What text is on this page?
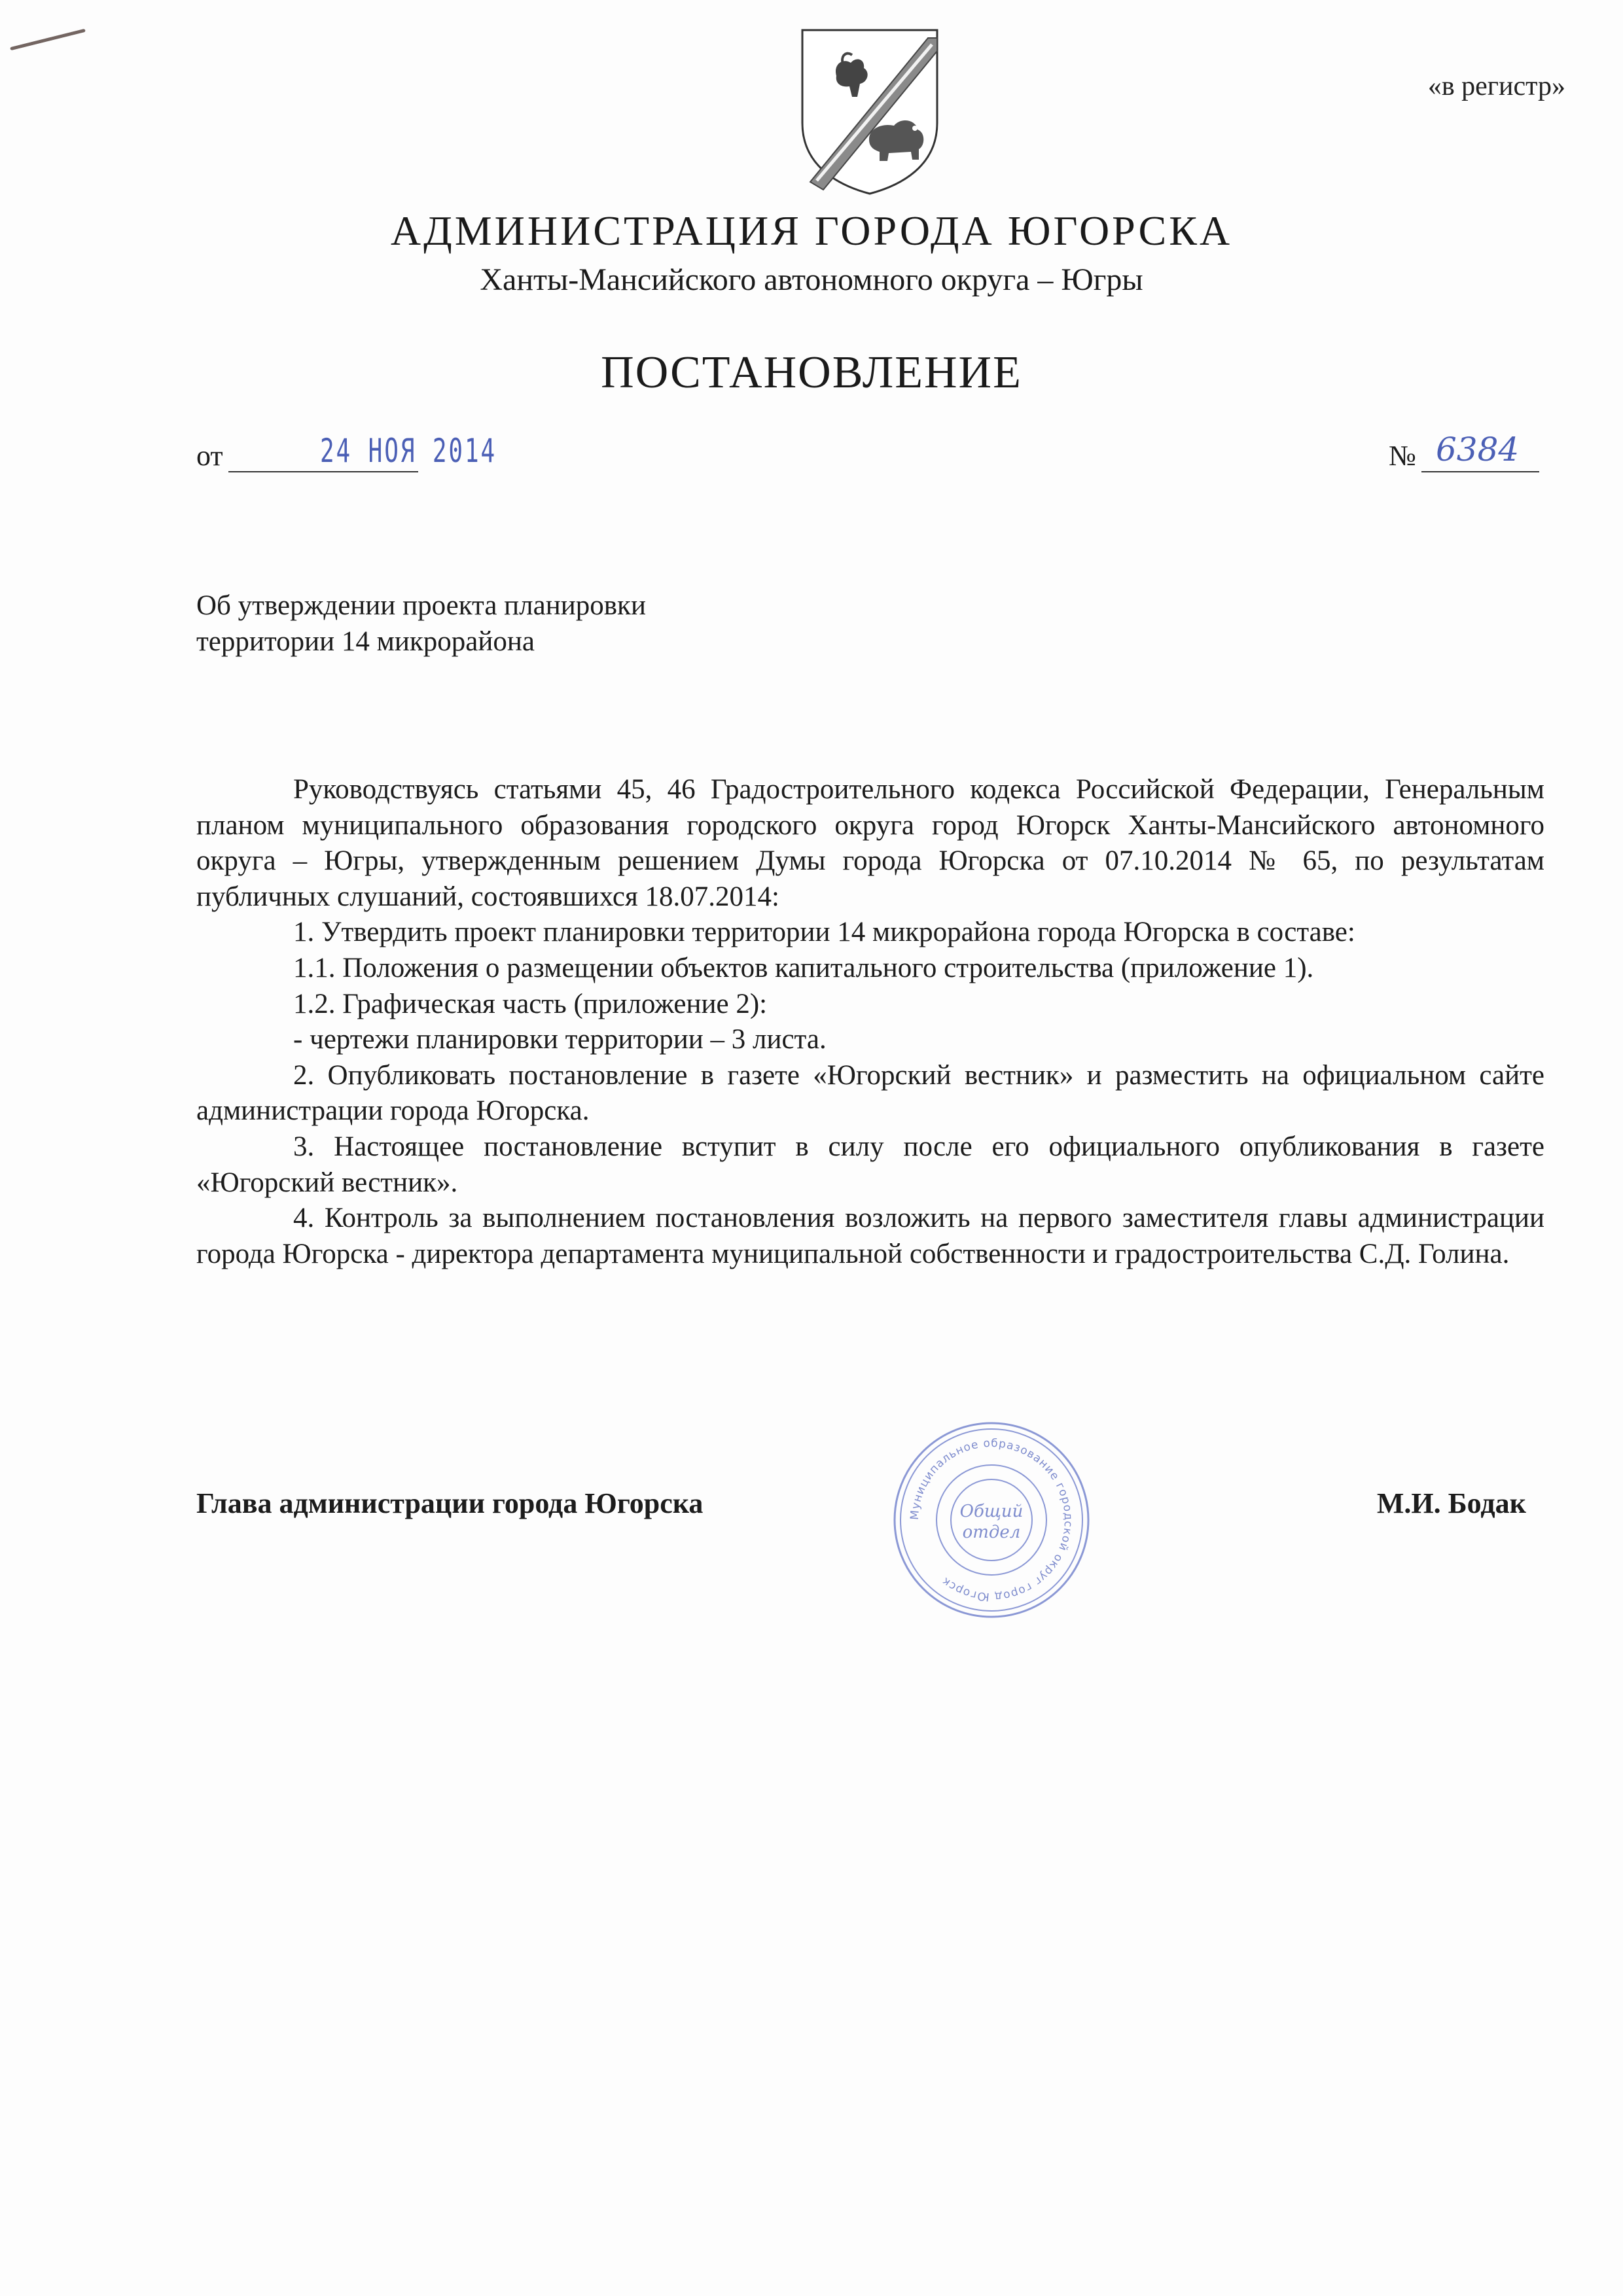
«в регистр»
АДМИНИСТРАЦИЯ ГОРОДА ЮГОРСКА
Ханты-Мансийского автономного округа – Югры
ПОСТАНОВЛЕНИЕ
от	24 НОЯ 2014	№ 6384
Об утверждении проекта планировки
территории 14 микрорайона

Руководствуясь статьями 45, 46 Градостроительного кодекса Российской Федерации, Генеральным планом муниципального образования городского округа город Югорск Ханты-Мансийского автономного округа – Югры, утвержденным решением Думы города Югорска от 07.10.2014 № 65, по результатам публичных слушаний, состоявшихся 18.07.2014:

1. Утвердить проект планировки территории 14 микрорайона города Югорска в составе:

1.1. Положения о размещении объектов капитального строительства (приложение 1).

1.2. Графическая часть (приложение 2):

- чертежи планировки территории – 3 листа.

2. Опубликовать постановление в газете «Югорский вестник» и разместить на официальном сайте администрации города Югорска.

3. Настоящее постановление вступит в силу после его официального опубликования в газете «Югорский вестник».

4. Контроль за выполнением постановления возложить на первого заместителя главы администрации города Югорска - директора департамента муниципальной собственности и градостроительства С.Д. Голина.

Муниципальное образование городской округ город Югорск
Общий
отдел
Глава администрации города Югорска	М.И. Бодак
